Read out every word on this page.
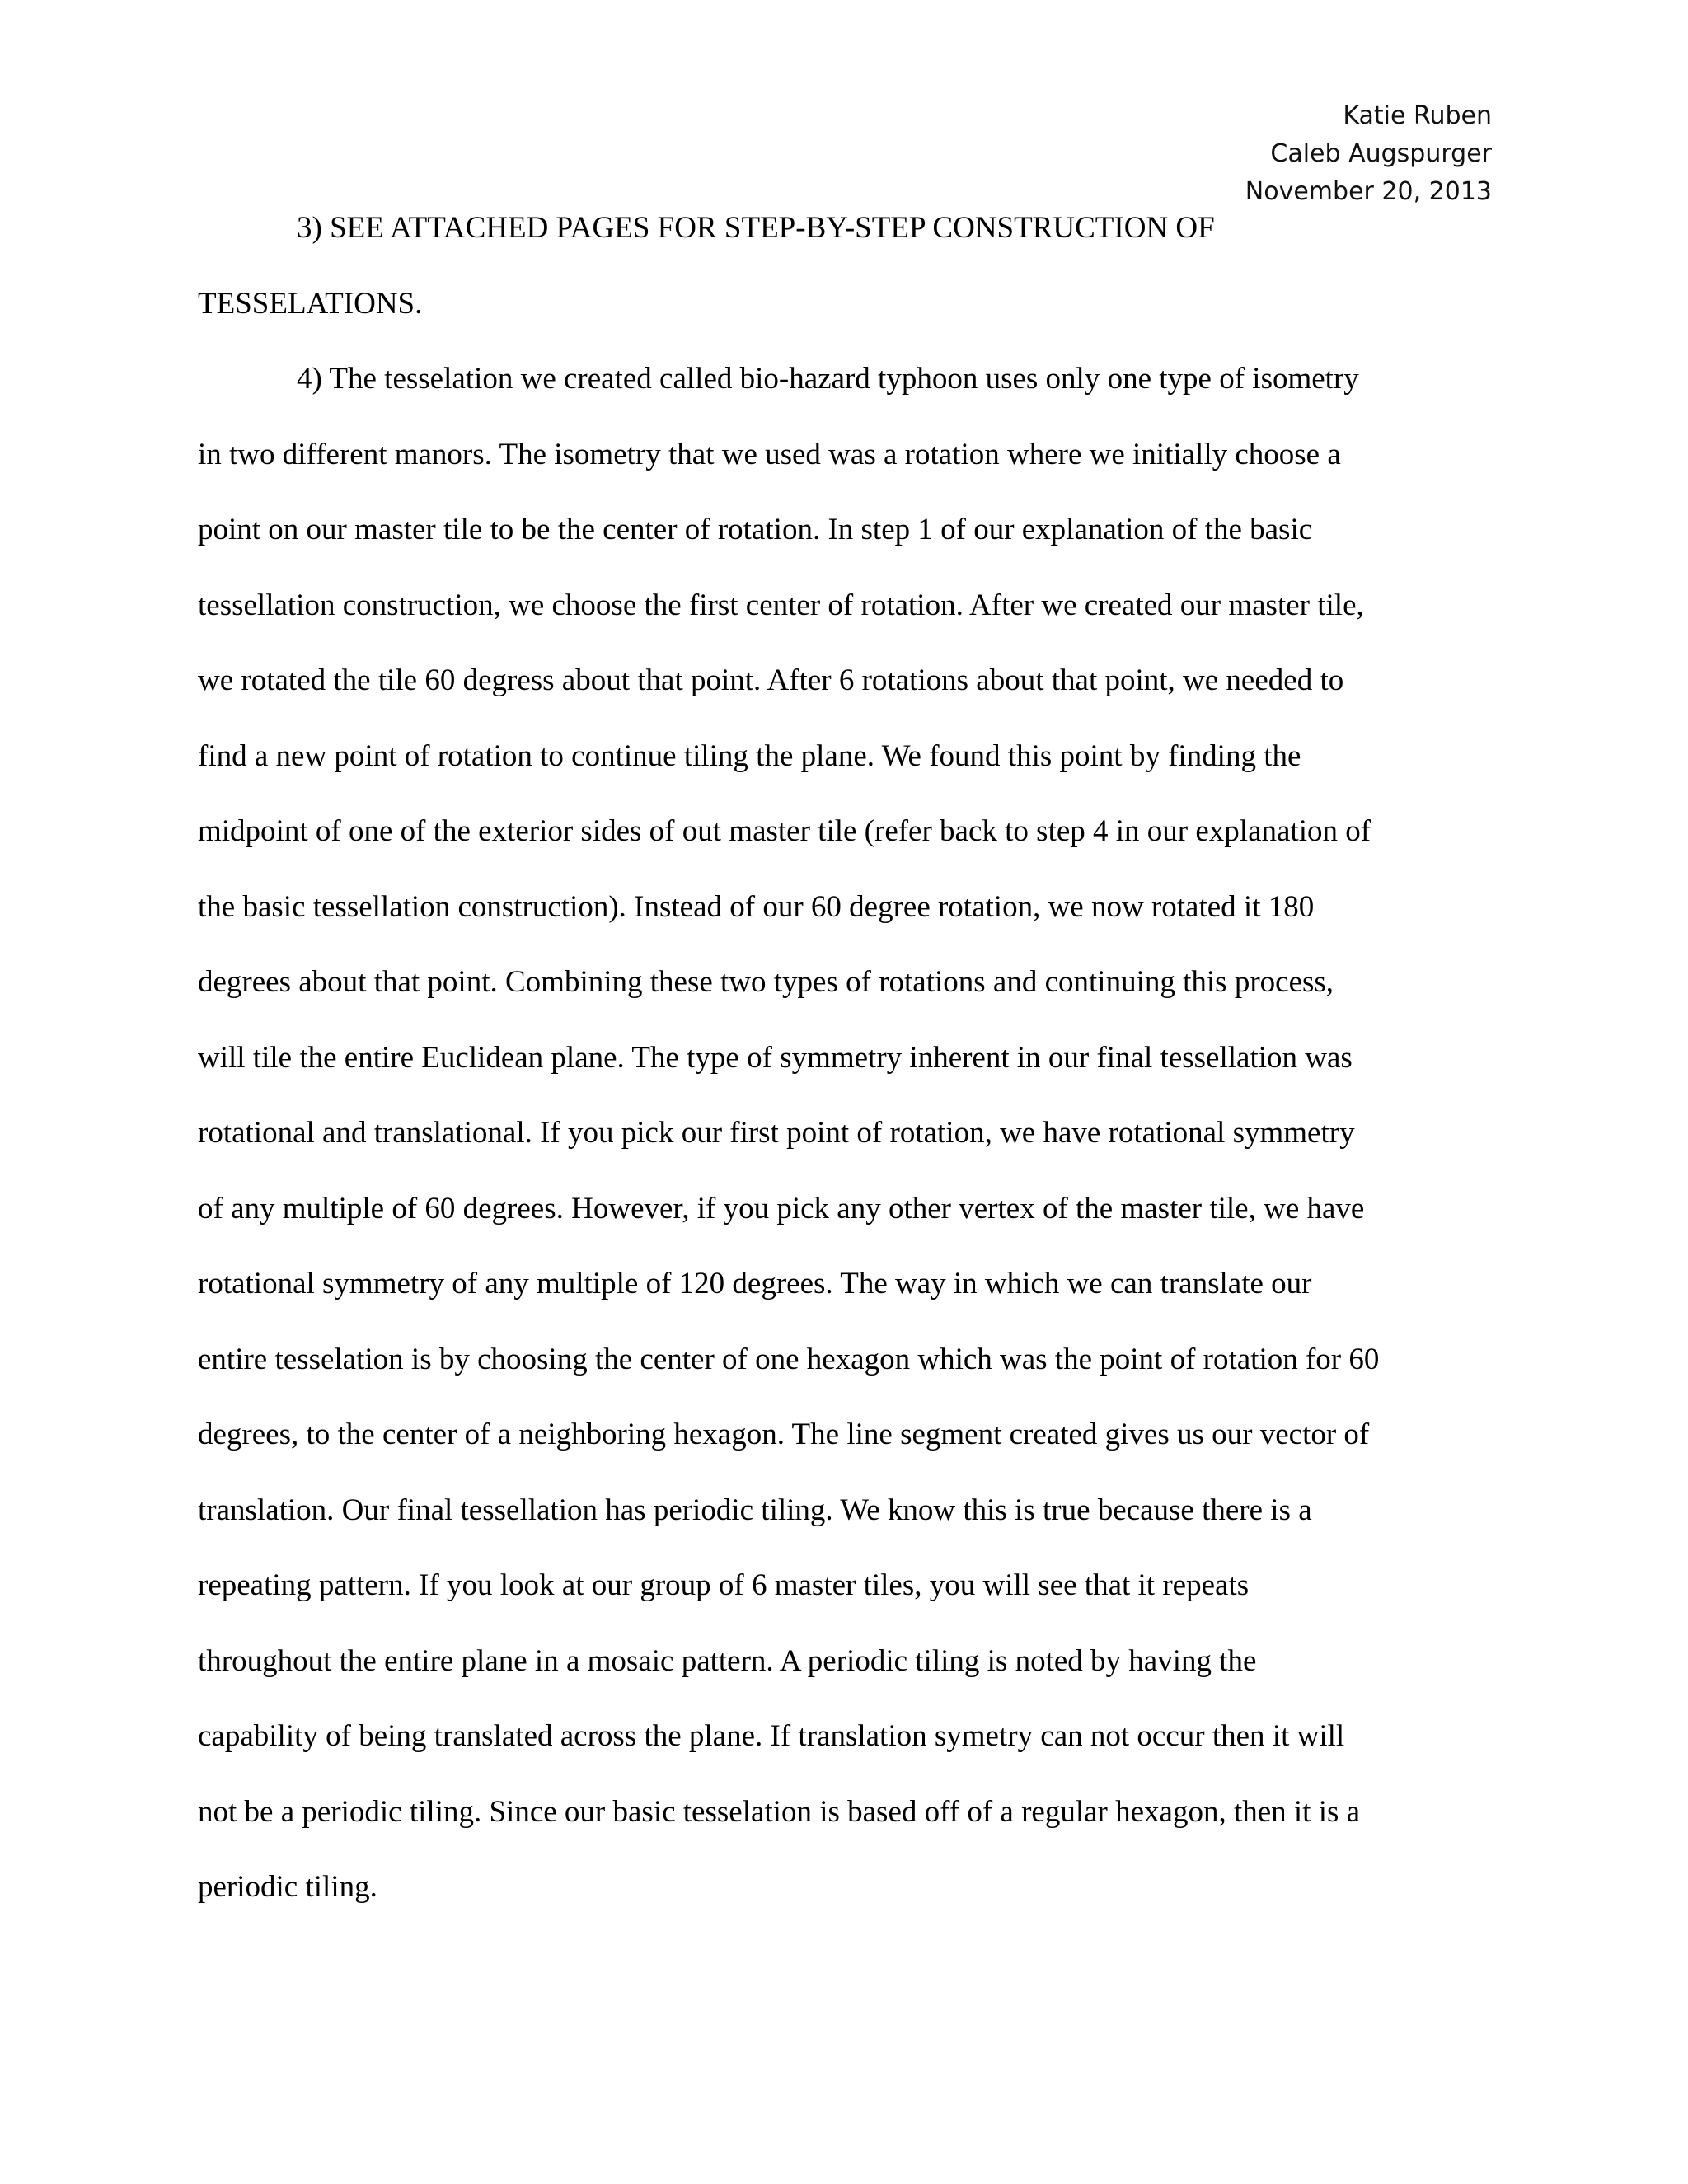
Katie Ruben
Caleb Augspurger
November 20, 2013
3) SEE ATTACHED PAGES FOR STEP-BY-STEP CONSTRUCTION OF
TESSELATIONS.
4) The tesselation we created called bio-hazard typhoon uses only one type of isometry
in two different manors. The isometry that we used was a rotation where we initially choose a
point on our master tile to be the center of rotation. In step 1 of our explanation of the basic
tessellation construction, we choose the first center of rotation. After we created our master tile,
we rotated the tile 60 degress about that point. After 6 rotations about that point, we needed to
find a new point of rotation to continue tiling the plane. We found this point by finding the
midpoint of one of the exterior sides of out master tile (refer back to step 4 in our explanation of
the basic tessellation construction). Instead of our 60 degree rotation, we now rotated it 180
degrees about that point. Combining these two types of rotations and continuing this process,
will tile the entire Euclidean plane. The type of symmetry inherent in our final tessellation was
rotational and translational. If you pick our first point of rotation, we have rotational symmetry
of any multiple of 60 degrees. However, if you pick any other vertex of the master tile, we have
rotational symmetry of any multiple of 120 degrees. The way in which we can translate our
entire tesselation is by choosing the center of one hexagon which was the point of rotation for 60
degrees, to the center of a neighboring hexagon. The line segment created gives us our vector of
translation. Our final tessellation has periodic tiling. We know this is true because there is a
repeating pattern. If you look at our group of 6 master tiles, you will see that it repeats
throughout the entire plane in a mosaic pattern. A periodic tiling is noted by having the
capability of being translated across the plane. If translation symetry can not occur then it will
not be a periodic tiling. Since our basic tesselation is based off of a regular hexagon, then it is a
periodic tiling.
